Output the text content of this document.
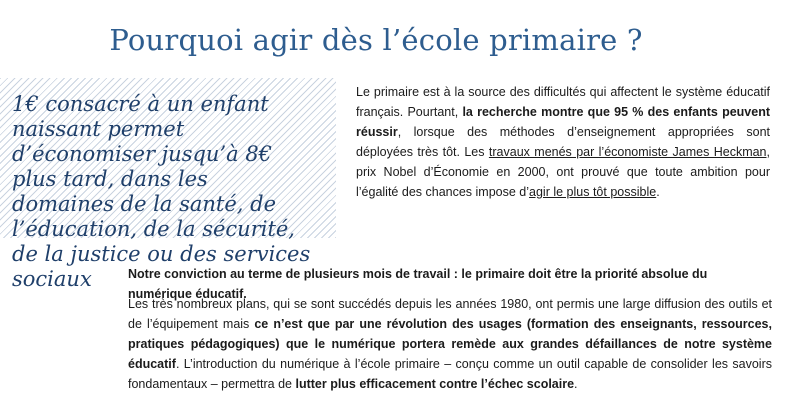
Pourquoi agir dès l’école primaire ?
1€ consacré à un enfant naissant permet d’économiser jusqu’à 8€ plus tard, dans les domaines de la santé, de l’éducation, de la sécurité, de la justice ou des services sociaux
Le primaire est à la source des difficultés qui affectent le système éducatif français. Pourtant, la recherche montre que 95 % des enfants peuvent réussir, lorsque des méthodes d’enseignement appropriées sont déployées très tôt. Les travaux menés par l’économiste James Heckman, prix Nobel d’Économie en 2000, ont prouvé que toute ambition pour l’égalité des chances impose d’agir le plus tôt possible.
Notre conviction au terme de plusieurs mois de travail : le primaire doit être la priorité absolue du numérique éducatif.
Les très nombreux plans, qui se sont succédés depuis les années 1980, ont permis une large diffusion des outils et de l’équipement mais ce n’est que par une révolution des usages (formation des enseignants, ressources, pratiques pédagogiques) que le numérique portera remède aux grandes défaillances de notre système éducatif. L’introduction du numérique à l’école primaire – conçu comme un outil capable de consolider les savoirs fondamentaux – permettra de lutter plus efficacement contre l’échec scolaire.
